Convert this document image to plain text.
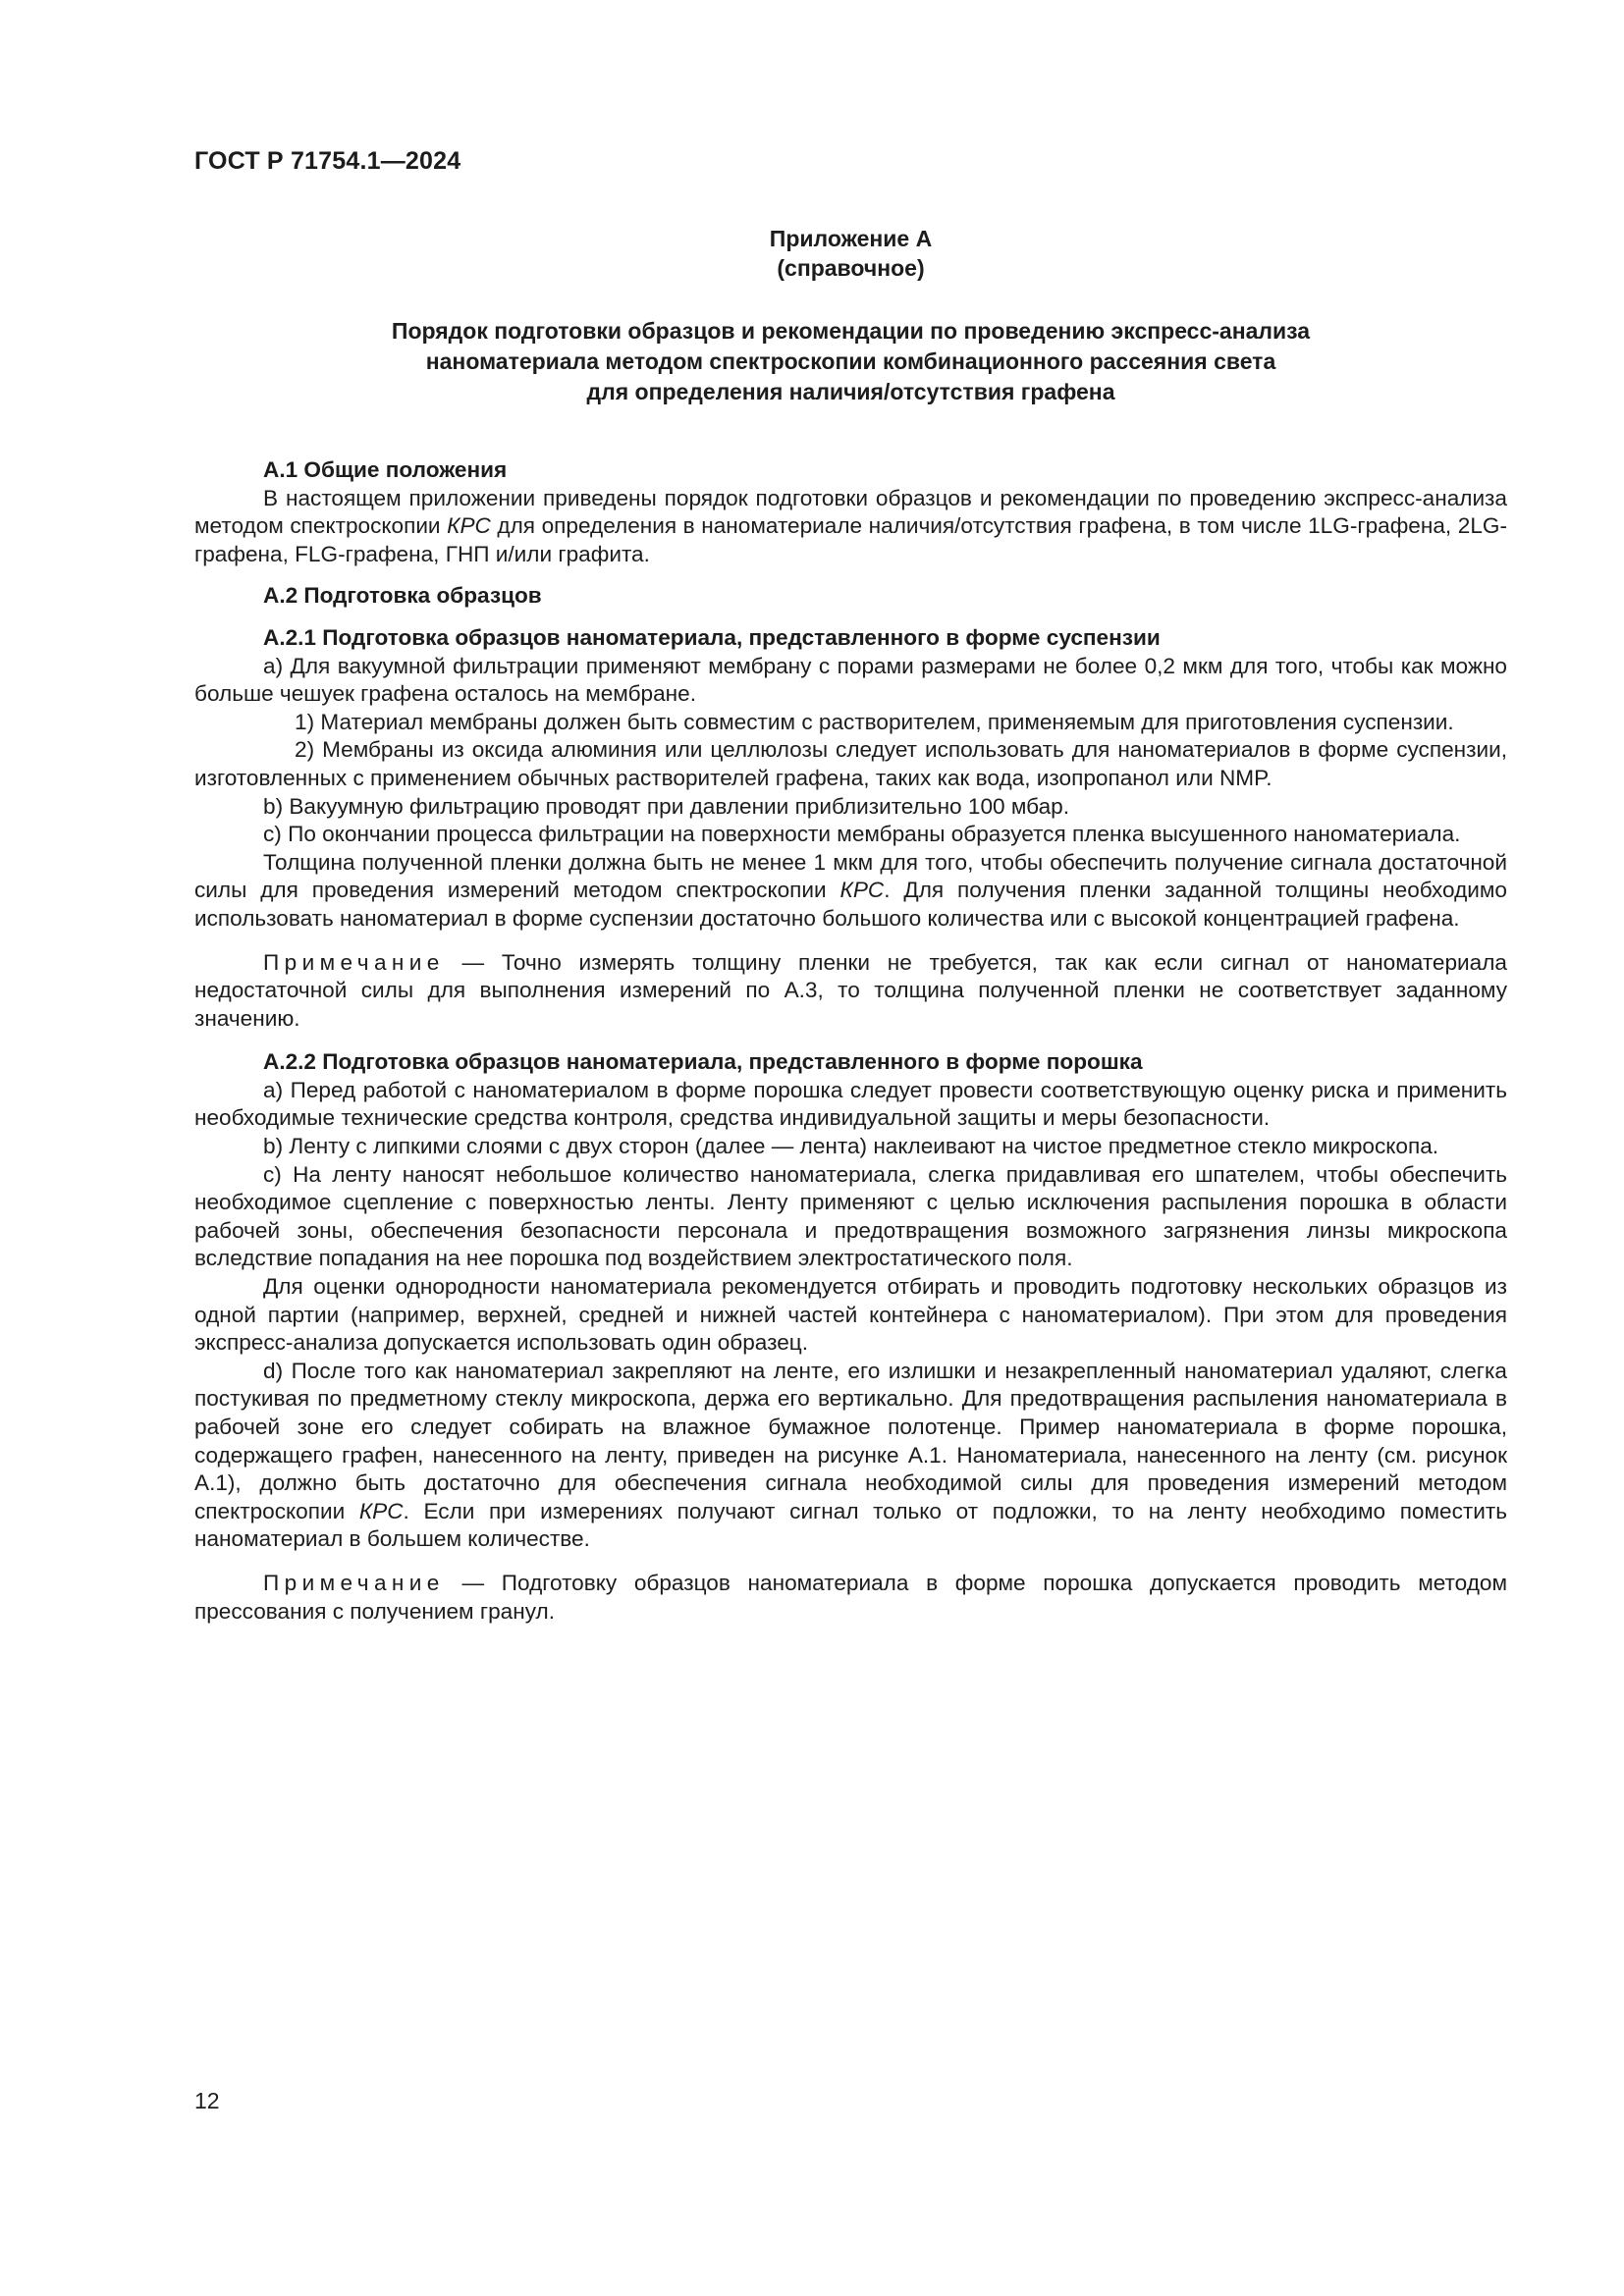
ГОСТ Р 71754.1—2024
Приложение А
(справочное)
Порядок подготовки образцов и рекомендации по проведению экспресс-анализа
наноматериала методом спектроскопии комбинационного рассеяния света
для определения наличия/отсутствия графена
А.1 Общие положения

В настоящем приложении приведены порядок подготовки образцов и рекомендации по проведению экспресс-анализа методом спектроскопии КРС для определения в наноматериале наличия/отсутствия графена, в том числе 1LG-графена, 2LG-графена, FLG-графена, ГНП и/или графита.

А.2 Подготовка образцов
А.2.1 Подготовка образцов наноматериала, представленного в форме суспензии

а) Для вакуумной фильтрации применяют мембрану с порами размерами не более 0,2 мкм для того, чтобы как можно больше чешуек графена осталось на мембране.

1) Материал мембраны должен быть совместим с растворителем, применяемым для приготовления суспензии.

2) Мембраны из оксида алюминия или целлюлозы следует использовать для наноматериалов в форме суспензии, изготовленных с применением обычных растворителей графена, таких как вода, изопропанол или NMP.

b) Вакуумную фильтрацию проводят при давлении приблизительно 100 мбар.

с) По окончании процесса фильтрации на поверхности мембраны образуется пленка высушенного наноматериала.

Толщина полученной пленки должна быть не менее 1 мкм для того, чтобы обеспечить получение сигнала достаточной силы для проведения измерений методом спектроскопии КРС. Для получения пленки заданной толщины необходимо использовать наноматериал в форме суспензии достаточно большого количества или с высокой концентрацией графена.

Примечание — Точно измерять толщину пленки не требуется, так как если сигнал от наноматериала недостаточной силы для выполнения измерений по А.3, то толщина полученной пленки не соответствует заданному значению.

А.2.2 Подготовка образцов наноматериала, представленного в форме порошка

а) Перед работой с наноматериалом в форме порошка следует провести соответствующую оценку риска и применить необходимые технические средства контроля, средства индивидуальной защиты и меры безопасности.

b) Ленту с липкими слоями с двух сторон (далее — лента) наклеивают на чистое предметное стекло микроскопа.

с) На ленту наносят небольшое количество наноматериала, слегка придавливая его шпателем, чтобы обеспечить необходимое сцепление с поверхностью ленты. Ленту применяют с целью исключения распыления порошка в области рабочей зоны, обеспечения безопасности персонала и предотвращения возможного загрязнения линзы микроскопа вследствие попадания на нее порошка под воздействием электростатического поля.

Для оценки однородности наноматериала рекомендуется отбирать и проводить подготовку нескольких образцов из одной партии (например, верхней, средней и нижней частей контейнера с наноматериалом). При этом для проведения экспресс-анализа допускается использовать один образец.

d) После того как наноматериал закрепляют на ленте, его излишки и незакрепленный наноматериал удаляют, слегка постукивая по предметному стеклу микроскопа, держа его вертикально. Для предотвращения распыления наноматериала в рабочей зоне его следует собирать на влажное бумажное полотенце. Пример наноматериала в форме порошка, содержащего графен, нанесенного на ленту, приведен на рисунке А.1. Наноматериала, нанесенного на ленту (см. рисунок А.1), должно быть достаточно для обеспечения сигнала необходимой силы для проведения измерений методом спектроскопии КРС. Если при измерениях получают сигнал только от подложки, то на ленту необходимо поместить наноматериал в большем количестве.

Примечание — Подготовку образцов наноматериала в форме порошка допускается проводить методом прессования с получением гранул.

12
